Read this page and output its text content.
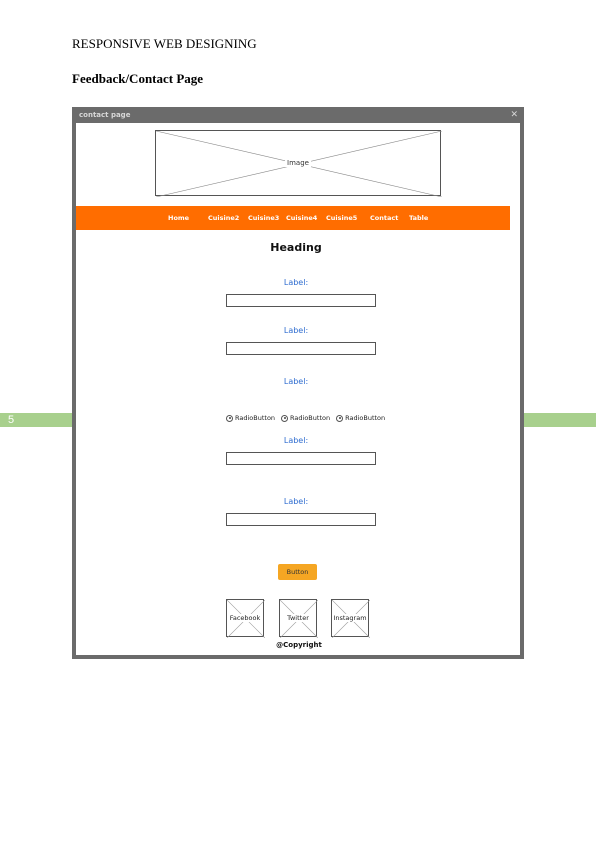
RESPONSIVE WEB DESIGNING
Feedback/Contact Page
5
contact page	✕
Image
Home	Cuisine2 Cuisine3 Cuisine4 Cuisine5 Contact Table
Heading
Label:
Label:
Label:
RadioButton RadioButton RadioButton
Label:
Label:
Button
Facebook	Twitter	Instagram
@Copyright
